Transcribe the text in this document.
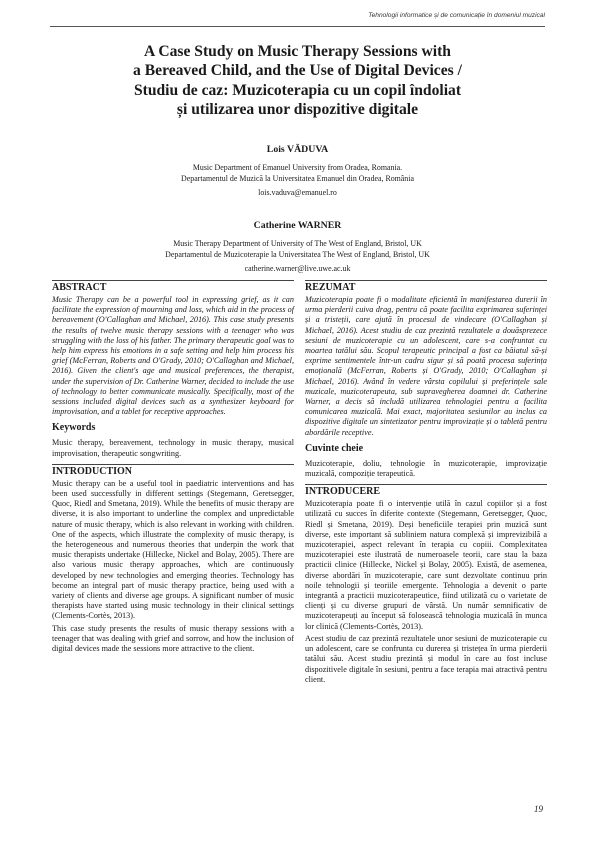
Tehnologii informatice și de comunicație în domeniul muzical
A Case Study on Music Therapy Sessions with
a Bereaved Child, and the Use of Digital Devices /
Studiu de caz: Muzicoterapia cu un copil îndoliat
și utilizarea unor dispozitive digitale
Lois VĂDUVA
Music Department of Emanuel University from Oradea, Romania.
Departamentul de Muzică la Universitatea Emanuel din Oradea, România
lois.vaduva@emanuel.ro
Catherine WARNER
Music Therapy Department of University of The West of England, Bristol, UK
Departamentul de Muzicoterapie la Universitatea The West of England, Bristol, UK
catherine.warner@live.uwe.ac.uk
ABSTRACT

Music Therapy can be a powerful tool in expressing grief, as it can facilitate the expression of mourning and loss, which aid in the process of bereavement (O'Callaghan and Michael, 2016). This case study presents the results of twelve music therapy sessions with a teenager who was struggling with the loss of his father. The primary therapeutic goal was to help him express his emotions in a safe setting and help him process his grief (McFerran, Roberts and O'Grady, 2010; O'Callaghan and Michael, 2016). Given the client's age and musical preferences, the therapist, under the supervision of Dr. Catherine Warner, decided to include the use of technology to better communicate musically. Specifically, most of the sessions included digital devices such as a synthesizer keyboard for improvisation, and a tablet for receptive approaches.

Keywords

Music therapy, bereavement, technology in music therapy, musical improvisation, therapeutic songwriting.

INTRODUCTION

Music therapy can be a useful tool in paediatric interventions and has been used successfully in different settings (Stegemann, Geretsegger, Quoc, Riedl and Smetana, 2019). While the benefits of music therapy are diverse, it is also important to underline the complex and unpredictable nature of music therapy, which is also relevant in working with children. One of the aspects, which illustrate the complexity of music therapy, is the heterogeneous and numerous theories that underpin the work that music therapists undertake (Hillecke, Nickel and Bolay, 2005). There are also various music therapy approaches, which are continuously developed by new technologies and emerging theories. Technology has become an integral part of music therapy practice, being used with a variety of clients and diverse age groups. A significant number of music therapists have started using music technology in their clinical settings (Clements-Cortès, 2013).

This case study presents the results of music therapy sessions with a teenager that was dealing with grief and sorrow, and how the inclusion of digital devices made the sessions more attractive to the client.

REZUMAT

Muzicoterapia poate fi o modalitate eficientă în manifestarea durerii în urma pierderii cuiva drag, pentru că poate facilita exprimarea suferinței și a tristeții, care ajută în procesul de vindecare (O'Callaghan și Michael, 2016). Acest studiu de caz prezintă rezultatele a douăsprezece sesiuni de muzicoterapie cu un adolescent, care s-a confruntat cu moartea tatălui său. Scopul terapeutic principal a fost ca băiatul să-și exprime sentimentele într-un cadru sigur și să poată procesa suferința emoțională (McFerran, Roberts și O'Grady, 2010; O'Callaghan și Michael, 2016). Având în vedere vârsta copilului și preferințele sale muzicale, muzicoterapeuta, sub supravegherea doamnei dr. Catherine Warner, a decis să includă utilizarea tehnologiei pentru a facilita comunicarea muzicală. Mai exact, majoritatea sesiunilor au inclus ca dispozitive digitale un sintetizator pentru improvizație și o tabletă pentru abordările receptive.

Cuvinte cheie

Muzicoterapie, doliu, tehnologie în muzicoterapie, improvizație muzicală, compoziție terapeutică.

INTRODUCERE

Muzicoterapia poate fi o intervenție utilă în cazul copiilor și a fost utilizată cu succes în diferite contexte (Stegemann, Geretsegger, Quoc, Riedl și Smetana, 2019). Deși beneficiile terapiei prin muzică sunt diverse, este important să subliniem natura complexă și imprevizibilă a muzicoterapiei, aspect relevant în terapia cu copiii. Complexitatea muzicoterapiei este ilustrată de numeroasele teorii, care stau la baza practicii clinice (Hillecke, Nickel și Bolay, 2005). Există, de asemenea, diverse abordări în muzicoterapie, care sunt dezvoltate continuu prin noile tehnologii și teoriile emergente. Tehnologia a devenit o parte integrantă a practicii muzicoterapeutice, fiind utilizată cu o varietate de clienți și cu diverse grupuri de vârstă. Un număr semnificativ de muzicoterapeuți au început să folosească tehnologia muzicală în munca lor clinică (Clements-Cortès, 2013).

Acest studiu de caz prezintă rezultatele unor sesiuni de muzicoterapie cu un adolescent, care se confrunta cu durerea și tristețea în urma pierderii tatălui său. Acest studiu prezintă și modul în care au fost incluse dispozitivele digitale în sesiuni, pentru a face terapia mai atractivă pentru client.

19
